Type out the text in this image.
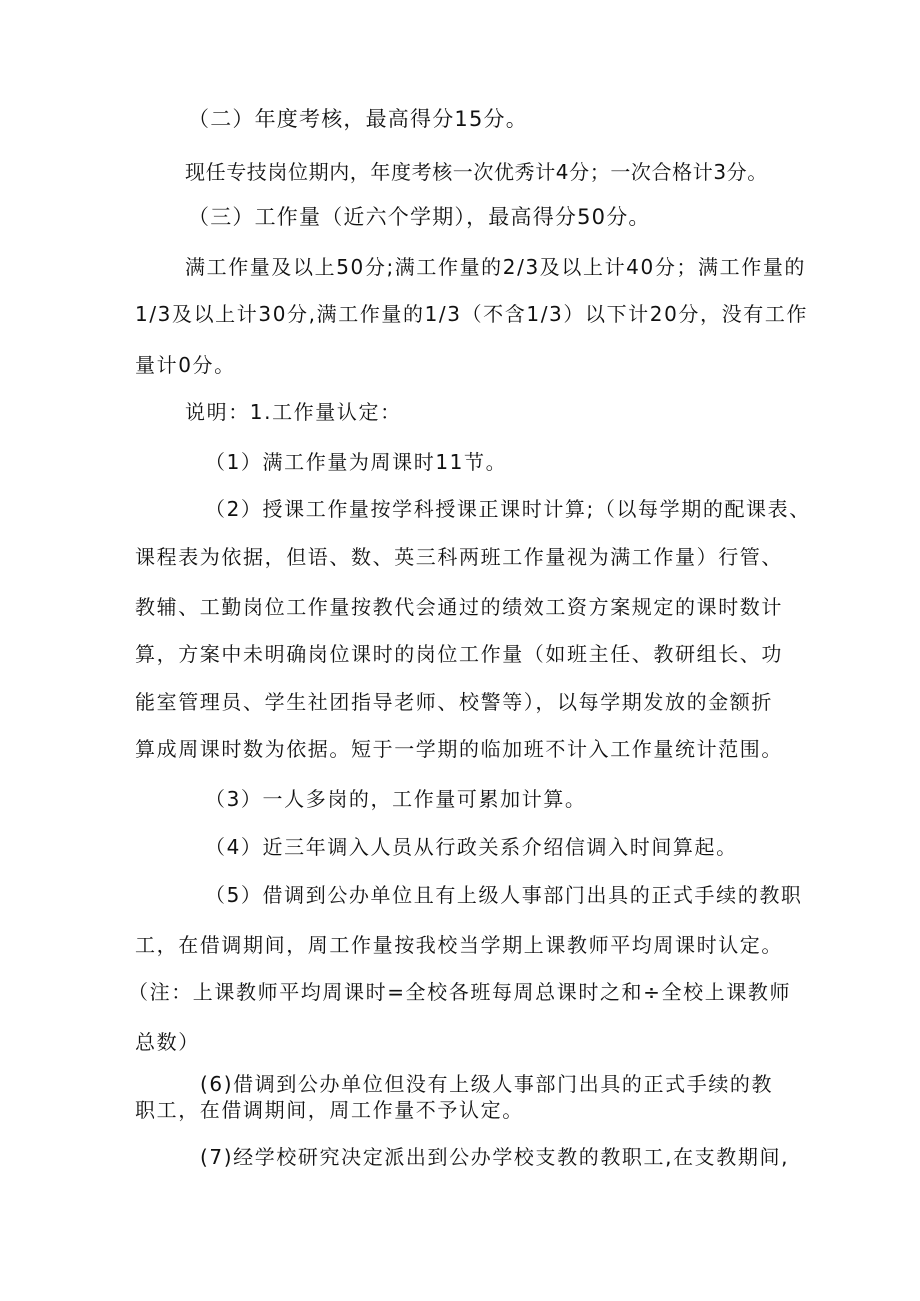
（二）年度考核，最高得分15分。
现任专技岗位期内，年度考核一次优秀计4分；一次合格计3分。
（三）工作量（近六个学期），最高得分50分。
满工作量及以上50分;满工作量的2/3及以上计40分；满工作量的
1/3及以上计30分,满工作量的1/3（不含1/3）以下计20分，没有工作
量计0分。
说明：1.工作量认定：
（1）满工作量为周课时11节。
（2）授课工作量按学科授课正课时计算;（以每学期的配课表、
课程表为依据，但语、数、英三科两班工作量视为满工作量）行管、
教辅、工勤岗位工作量按教代会通过的绩效工资方案规定的课时数计
算，方案中未明确岗位课时的岗位工作量（如班主任、教研组长、功
能室管理员、学生社团指导老师、校警等），以每学期发放的金额折
算成周课时数为依据。短于一学期的临加班不计入工作量统计范围。
（3）一人多岗的，工作量可累加计算。
（4）近三年调入人员从行政关系介绍信调入时间算起。
（5）借调到公办单位且有上级人事部门出具的正式手续的教职
工，在借调期间，周工作量按我校当学期上课教师平均周课时认定。
（注：上课教师平均周课时=全校各班每周总课时之和÷全校上课教师
总数）
(6)借调到公办单位但没有上级人事部门出具的正式手续的教
职工，在借调期间，周工作量不予认定。
(7)经学校研究决定派出到公办学校支教的教职工,在支教期间,
